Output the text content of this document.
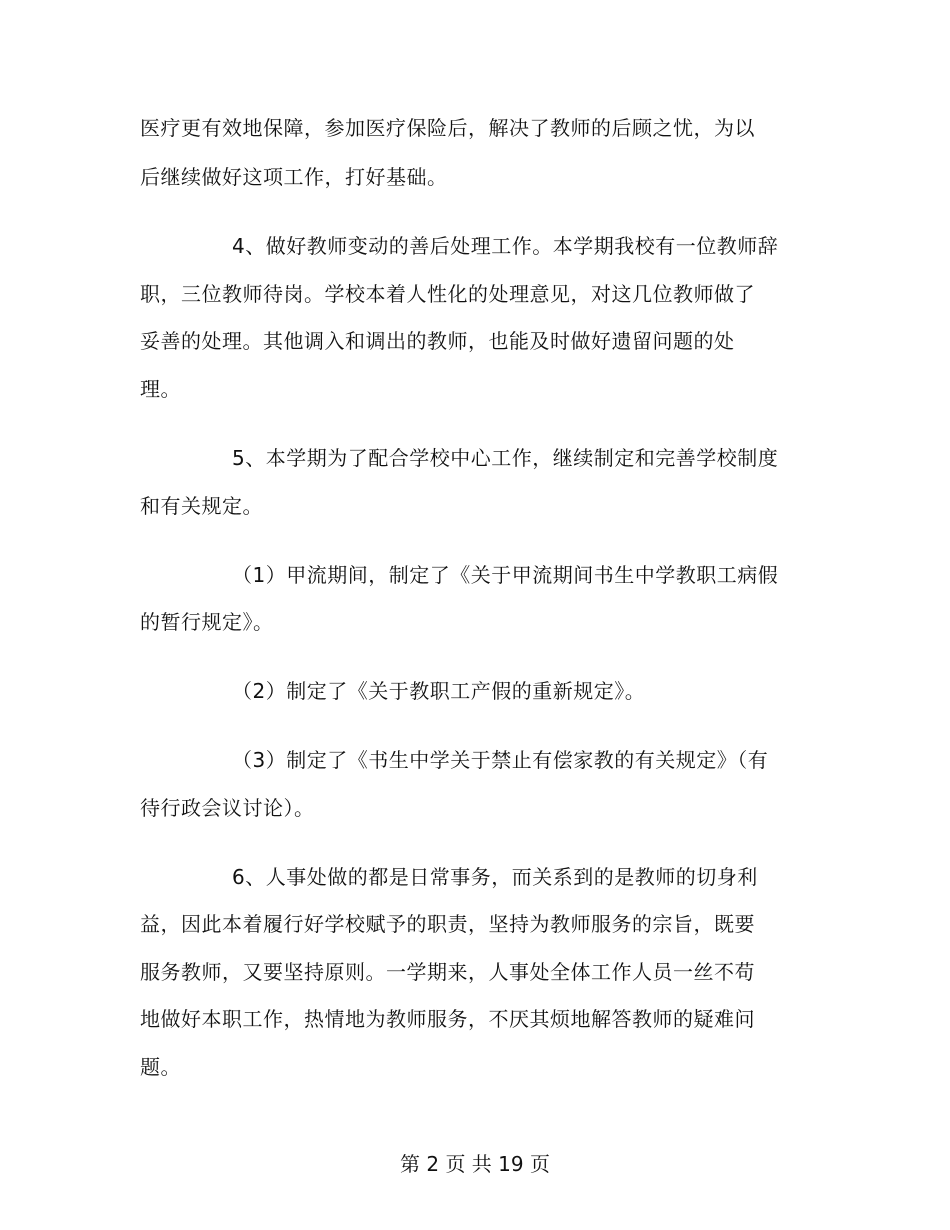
医疗更有效地保障，参加医疗保险后，解决了教师的后顾之忧，为以
后继续做好这项工作，打好基础。
4、做好教师变动的善后处理工作。本学期我校有一位教师辞
职，三位教师待岗。学校本着人性化的处理意见，对这几位教师做了
妥善的处理。其他调入和调出的教师，也能及时做好遗留问题的处
理。
5、本学期为了配合学校中心工作，继续制定和完善学校制度
和有关规定。
（1）甲流期间，制定了《关于甲流期间书生中学教职工病假
的暂行规定》。
（2）制定了《关于教职工产假的重新规定》。
（3）制定了《书生中学关于禁止有偿家教的有关规定》（有
待行政会议讨论）。
6、人事处做的都是日常事务，而关系到的是教师的切身利
益，因此本着履行好学校赋予的职责，坚持为教师服务的宗旨，既要
服务教师，又要坚持原则。一学期来，人事处全体工作人员一丝不苟
地做好本职工作，热情地为教师服务，不厌其烦地解答教师的疑难问
题。
第 2 页 共 19 页
